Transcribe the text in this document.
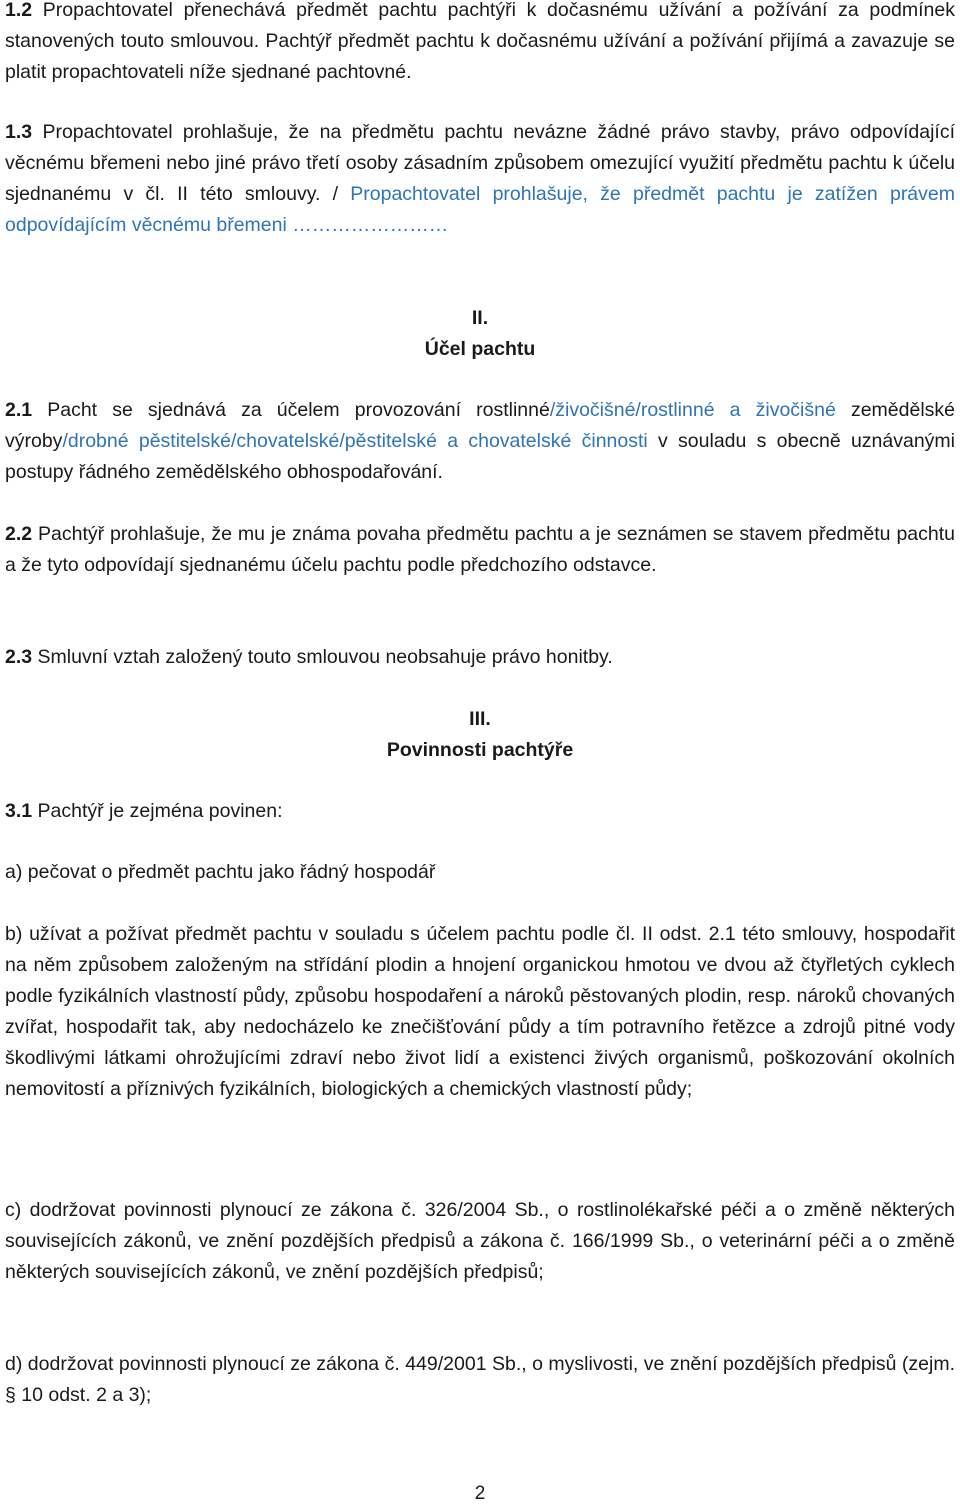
1.2 Propachtovatel přenechává předmět pachtu pachtýři k dočasnému užívání a požívání za podmínek stanovených touto smlouvou. Pachtýř předmět pachtu k dočasnému užívání a požívání přijímá a zavazuje se platit propachtovateli níže sjednané pachtovné.

1.3 Propachtovatel prohlašuje, že na předmětu pachtu nevázne žádné právo stavby, právo odpovídající věcnému břemeni nebo jiné právo třetí osoby zásadním způsobem omezující využití předmětu pachtu k účelu sjednanému v čl. II této smlouvy. / Propachtovatel prohlašuje, že předmět pachtu je zatížen právem odpovídajícím věcnému břemeni ……………………

II.

Účel pachtu

2.1 Pacht se sjednává za účelem provozování rostlinné/živočišné/rostlinné a živočišné zemědělské výroby/drobné pěstitelské/chovatelské/pěstitelské a chovatelské činnosti v souladu s obecně uznávanými postupy řádného zemědělského obhospodařování.

2.2 Pachtýř prohlašuje, že mu je známa povaha předmětu pachtu a je seznámen se stavem předmětu pachtu a že tyto odpovídají sjednanému účelu pachtu podle předchozího odstavce.

2.3 Smluvní vztah založený touto smlouvou neobsahuje právo honitby.

III.

Povinnosti pachtýře

3.1 Pachtýř je zejména povinen:

a) pečovat o předmět pachtu jako řádný hospodář

b) užívat a požívat předmět pachtu v souladu s účelem pachtu podle čl. II odst. 2.1 této smlouvy, hospodařit na něm způsobem založeným na střídání plodin a hnojení organickou hmotou ve dvou až čtyřletých cyklech podle fyzikálních vlastností půdy, způsobu hospodaření a nároků pěstovaných plodin, resp. nároků chovaných zvířat, hospodařit tak, aby nedocházelo ke znečišťování půdy a tím potravního řetězce a zdrojů pitné vody škodlivými látkami ohrožujícími zdraví nebo život lidí a existenci živých organismů, poškozování okolních nemovitostí a příznivých fyzikálních, biologických a chemických vlastností půdy;

c) dodržovat povinnosti plynoucí ze zákona č. 326/2004 Sb., o rostlinolékařské péči a o změně některých souvisejících zákonů, ve znění pozdějších předpisů a zákona č. 166/1999 Sb., o veterinární péči a o změně některých souvisejících zákonů, ve znění pozdějších předpisů;

d) dodržovat povinnosti plynoucí ze zákona č. 449/2001 Sb., o myslivosti, ve znění pozdějších předpisů (zejm. § 10 odst. 2 a 3);

2
